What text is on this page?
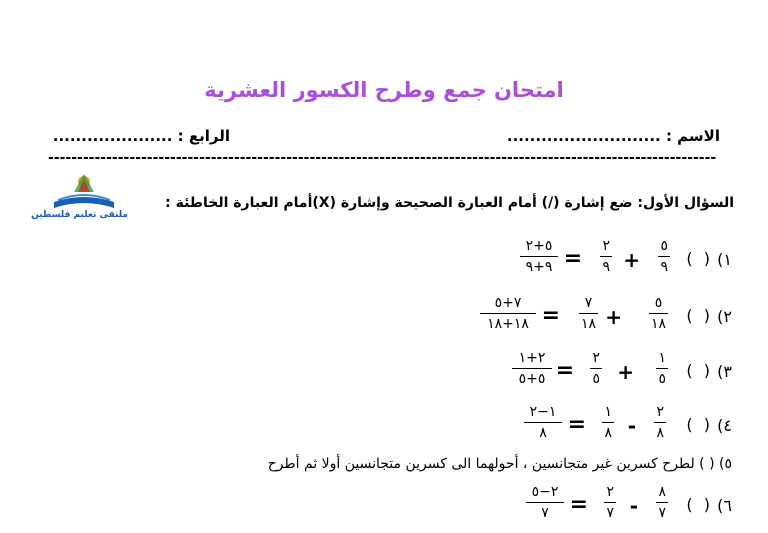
امتحان جمع وطرح الكسور العشرية
الاسم : ...........................
الرابع : .....................
-------------------------------------------------------------------------------------------------------------------
ملتقى تعليم فلسطين
السؤال الأول: ضع إشارة (/) أمام العبارة الصحيحة وإشارة (X)أمام العبارة الخاطئة :
١)
( )
٥
٩
+
٢
٩
=
٥+٢
٩+٩
٢)
( )
٥
١٨
+
٧
١٨
=
٧+٥
١٨+١٨
٣)
( )
١
٥
+
٢
٥
=
٢+١
٥+٥
٤)
( )
٢
٨
-
١
٨
=
١−٢
٨
٥) ( ) لطرح كسرين غير متجانسين ، أحولهما الى كسرين متجانسين أولا ثم أطرح
٦)
( )
٨
٧
-
٢
٧
=
٢−٥
٧
